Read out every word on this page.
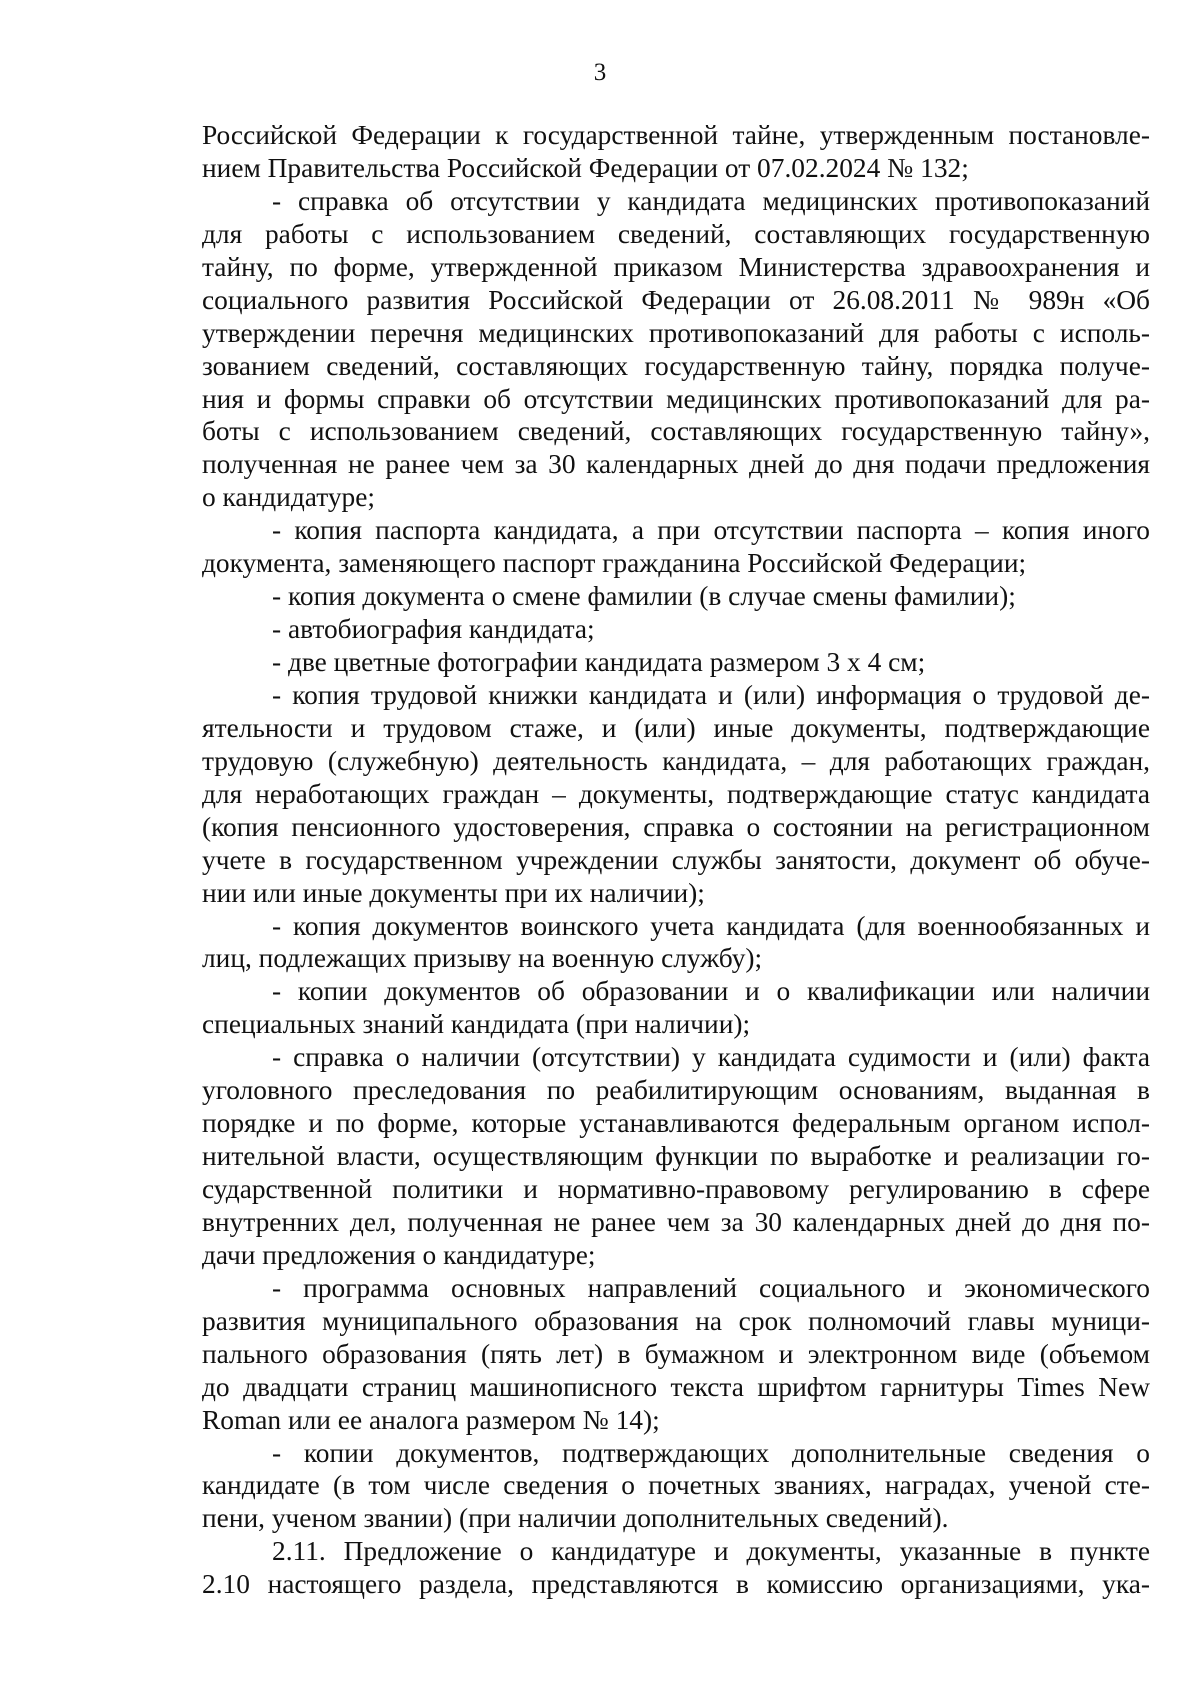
3
Российской Федерации к государственной тайне, утвержденным постановле-
нием Правительства Российской Федерации от 07.02.2024 № 132;
- справка об отсутствии у кандидата медицинских противопоказаний
для работы с использованием сведений, составляющих государственную
тайну, по форме, утвержденной приказом Министерства здравоохранения и
социального развития Российской Федерации от 26.08.2011 № 989н «Об
утверждении перечня медицинских противопоказаний для работы с исполь-
зованием сведений, составляющих государственную тайну, порядка получе-
ния и формы справки об отсутствии медицинских противопоказаний для ра-
боты с использованием сведений, составляющих государственную тайну»,
полученная не ранее чем за 30 календарных дней до дня подачи предложения
о кандидатуре;
- копия паспорта кандидата, а при отсутствии паспорта – копия иного
документа, заменяющего паспорт гражданина Российской Федерации;
- копия документа о смене фамилии (в случае смены фамилии);
- автобиография кандидата;
- две цветные фотографии кандидата размером 3 х 4 см;
- копия трудовой книжки кандидата и (или) информация о трудовой де-
ятельности и трудовом стаже, и (или) иные документы, подтверждающие
трудовую (служебную) деятельность кандидата, – для работающих граждан,
для неработающих граждан – документы, подтверждающие статус кандидата
(копия пенсионного удостоверения, справка о состоянии на регистрационном
учете в государственном учреждении службы занятости, документ об обуче-
нии или иные документы при их наличии);
- копия документов воинского учета кандидата (для военнообязанных и
лиц, подлежащих призыву на военную службу);
- копии документов об образовании и о квалификации или наличии
специальных знаний кандидата (при наличии);
- справка о наличии (отсутствии) у кандидата судимости и (или) факта
уголовного преследования по реабилитирующим основаниям, выданная в
порядке и по форме, которые устанавливаются федеральным органом испол-
нительной власти, осуществляющим функции по выработке и реализации го-
сударственной политики и нормативно-правовому регулированию в сфере
внутренних дел, полученная не ранее чем за 30 календарных дней до дня по-
дачи предложения о кандидатуре;
- программа основных направлений социального и экономического
развития муниципального образования на срок полномочий главы муници-
пального образования (пять лет) в бумажном и электронном виде (объемом
до двадцати страниц машинописного текста шрифтом гарнитуры Times New
Roman или ее аналога размером № 14);
- копии документов, подтверждающих дополнительные сведения о
кандидате (в том числе сведения о почетных званиях, наградах, ученой сте-
пени, ученом звании) (при наличии дополнительных сведений).
2.11. Предложение о кандидатуре и документы, указанные в пункте
2.10 настоящего раздела, представляются в комиссию организациями, ука-
